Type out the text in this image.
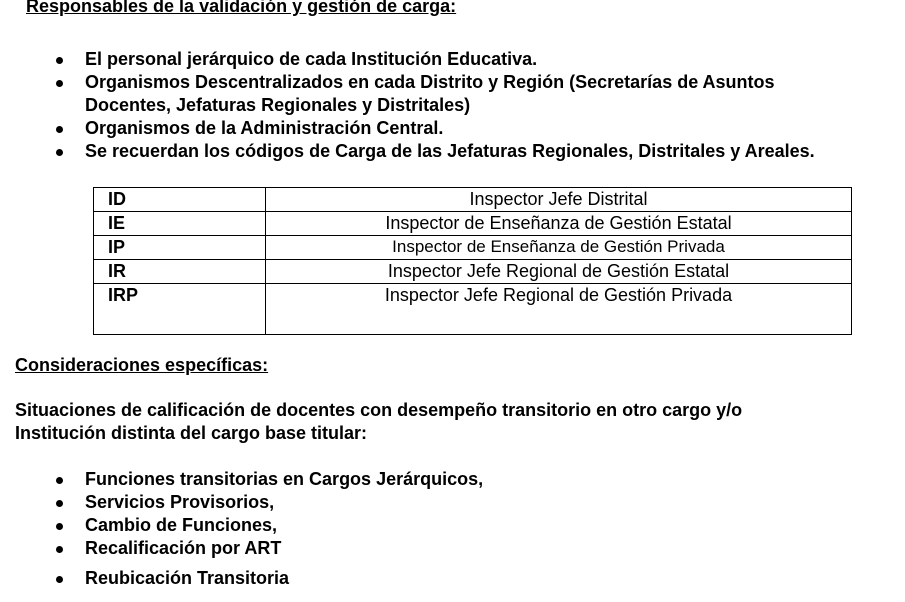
Responsables de la validación y gestión de carga:
El personal jerárquico de cada Institución Educativa.
Organismos Descentralizados en cada Distrito y Región (Secretarías de Asuntos
Docentes, Jefaturas Regionales y Distritales)
Organismos de la Administración Central.
Se recuerdan los códigos de Carga de las Jefaturas Regionales, Distritales y Areales.
ID	Inspector Jefe Distrital
IE	Inspector de Enseñanza de Gestión Estatal
IP	Inspector de Enseñanza de Gestión Privada
IR	Inspector Jefe Regional de Gestión Estatal
IRP	Inspector Jefe Regional de Gestión Privada
Consideraciones específicas:
Situaciones de calificación de docentes con desempeño transitorio en otro cargo y/o
Institución distinta del cargo base titular:
Funciones transitorias en Cargos Jerárquicos,
Servicios Provisorios,
Cambio de Funciones,
Recalificación por ART
Reubicación Transitoria
